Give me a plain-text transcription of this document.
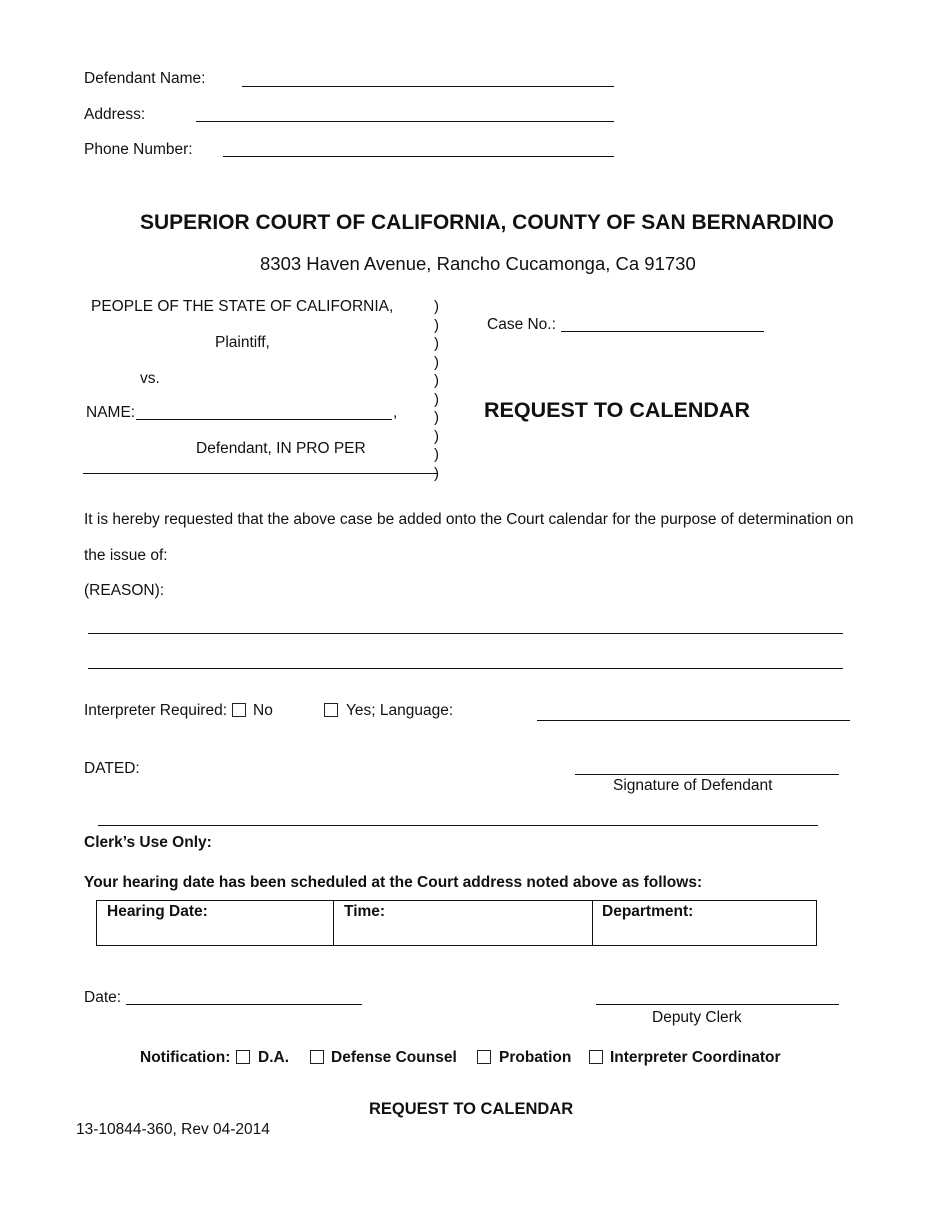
Defendant Name:
Address:
Phone Number:
SUPERIOR COURT OF CALIFORNIA, COUNTY OF SAN BERNARDINO
8303 Haven Avenue, Rancho Cucamonga, Ca 91730
PEOPLE OF THE STATE OF CALIFORNIA,
Plaintiff,
vs.
NAME:	,
Defendant, IN PRO PER
)
)
)
)
)
)
)
)
)
)
Case No.:
REQUEST TO CALENDAR
It is hereby requested that the above case be added onto the Court calendar for the purpose of determination on
the issue of:
(REASON):
Interpreter Required: No	Yes; Language:
DATED:
Signature of Defendant
Clerk’s Use Only:
Your hearing date has been scheduled at the Court address noted above as follows:
Hearing Date:	Time:	Department:
Date:
Deputy Clerk
Notification: D.A.	Defense Counsel	Probation Interpreter Coordinator
REQUEST TO CALENDAR
13-10844-360, Rev 04-2014
